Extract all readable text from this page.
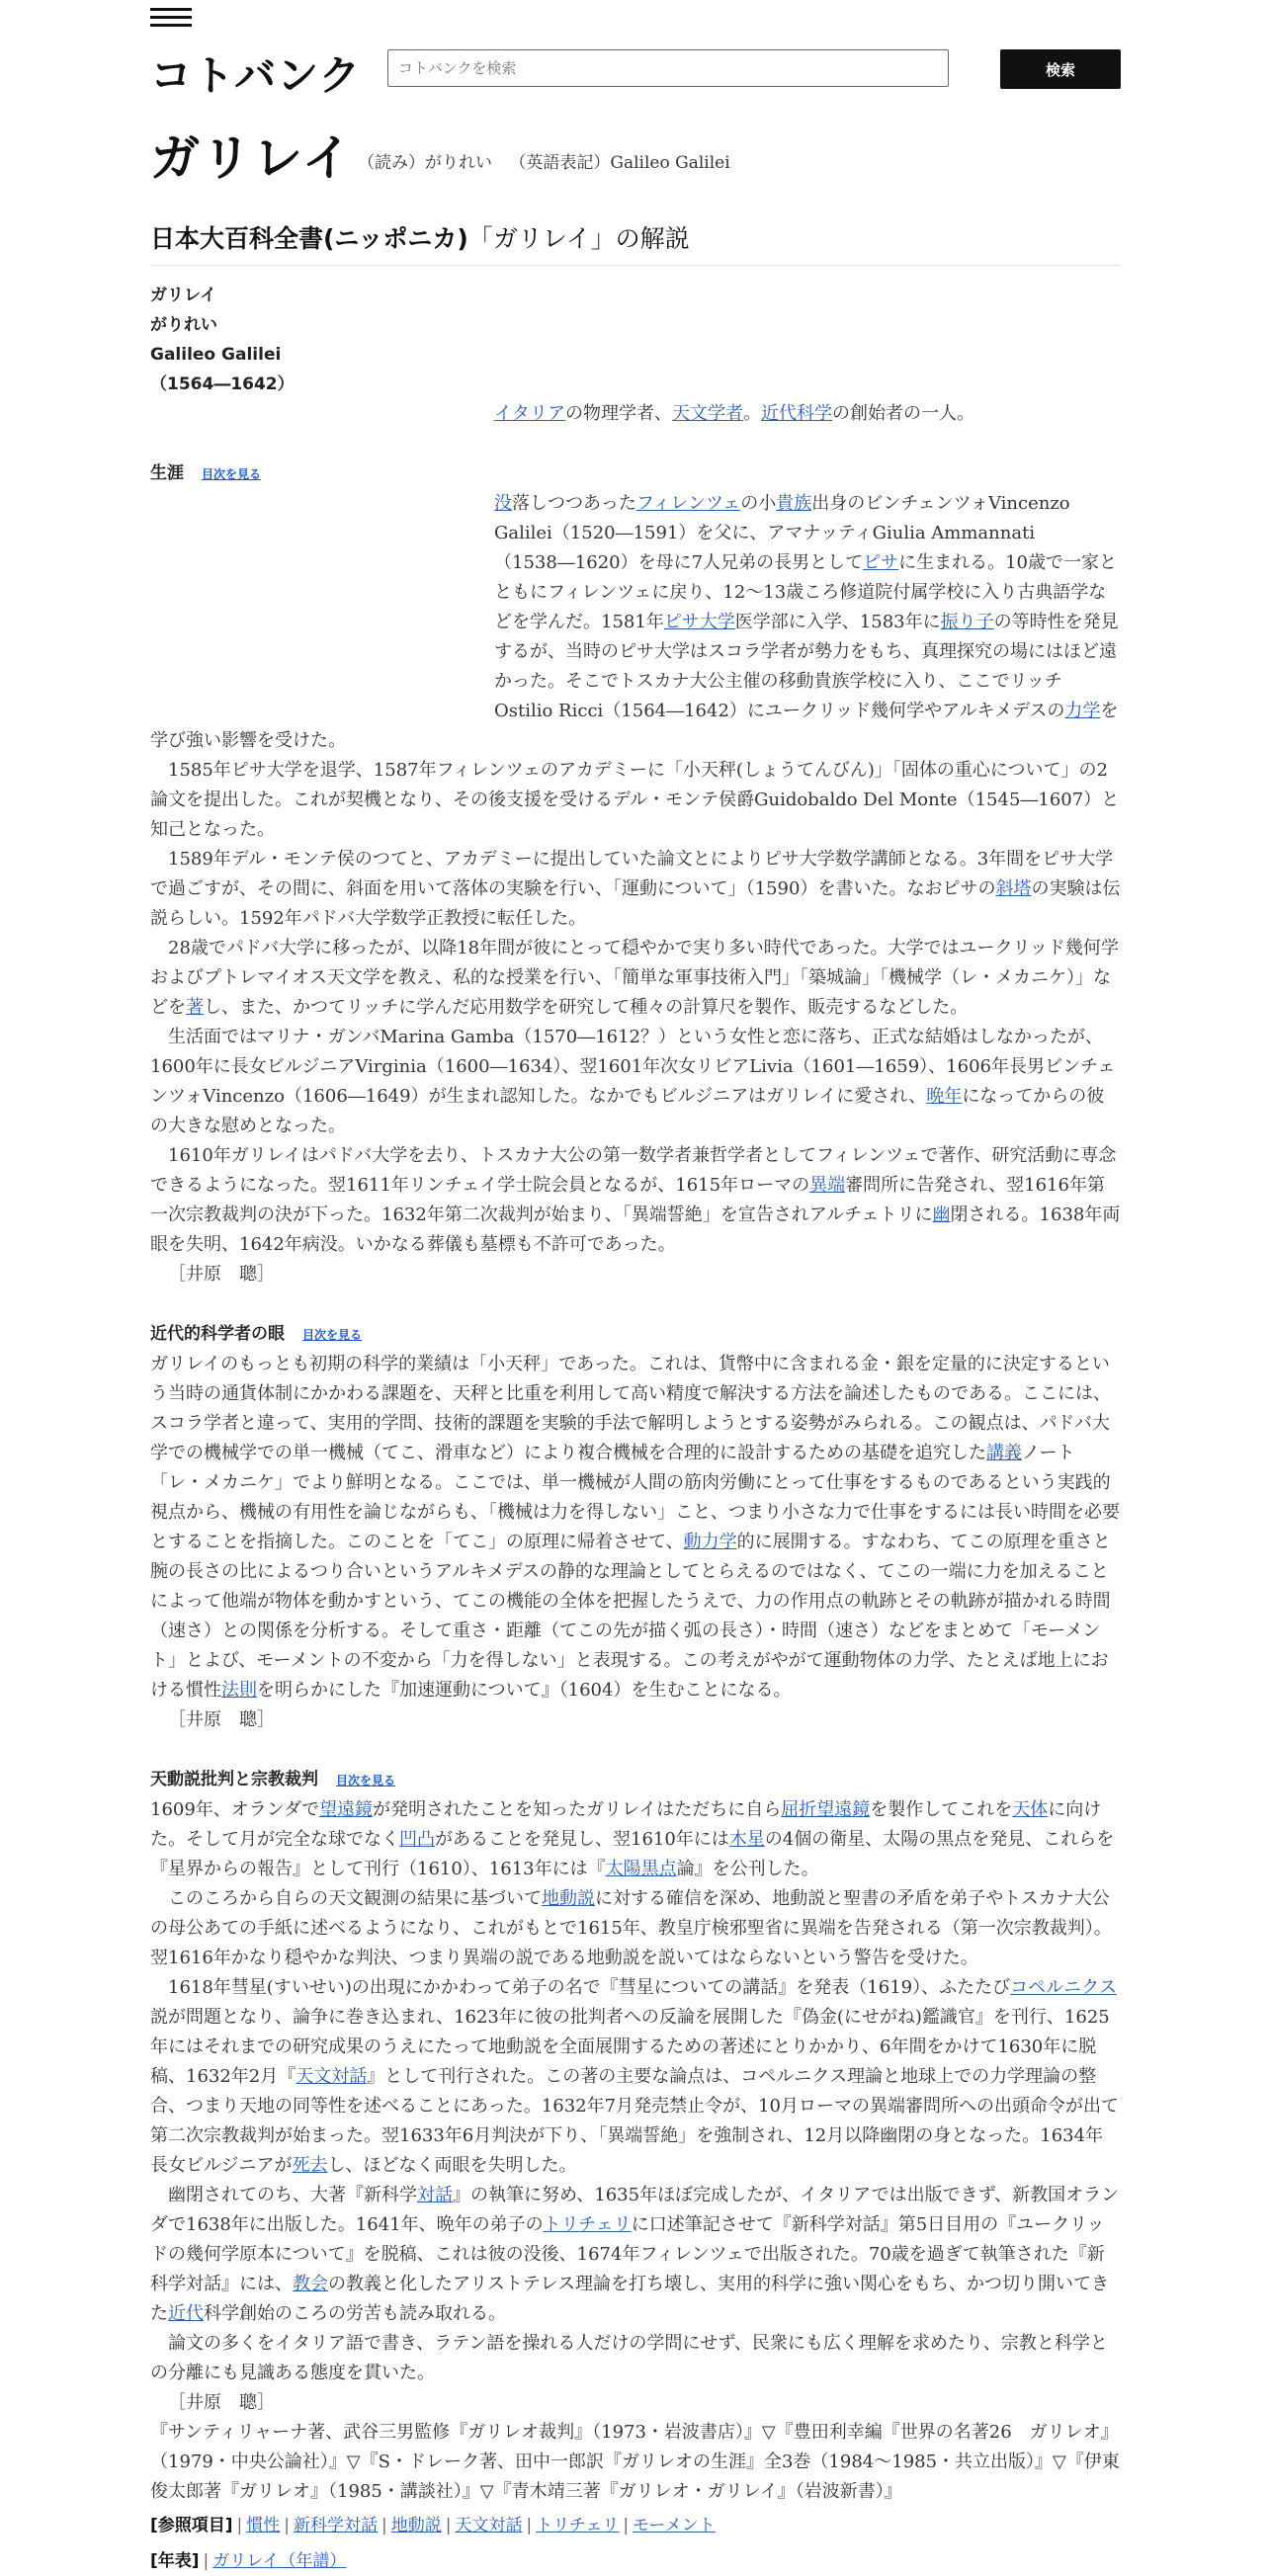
コトバンク
コトバンクを検索	検索
ガリレイ （読み）がりれい （英語表記）Galileo Galilei
日本大百科全書(ニッポニカ)「ガリレイ」の解説
ガリレイ
がりれい
Galileo Galilei
（1564―1642）

イタリアの物理学者、天文学者。近代科学の創始者の一人。

生涯 目次を見る

没落しつつあったフィレンツェの小貴族出身のビンチェンツォVincenzo Galilei（1520―1591）を父に、アマナッティGiulia Ammannati（1538―1620）を母に7人兄弟の長男としてピサに生まれる。10歳で一家とともにフィレンツェに戻り、12～13歳ころ修道院付属学校に入り古典語学などを学んだ。1581年ピサ大学医学部に入学、1583年に振り子の等時性を発見するが、当時のピサ大学はスコラ学者が勢力をもち、真理探究の場にはほど遠かった。そこでトスカナ大公主催の移動貴族学校に入り、ここでリッチOstilio Ricci（1564―1642）にユークリッド幾何学やアルキメデスの力学を学び強い影響を受けた。

1585年ピサ大学を退学、1587年フィレンツェのアカデミーに「小天秤(しょうてんびん)」「固体の重心について」の2論文を提出した。これが契機となり、その後支援を受けるデル・モンテ侯爵Guidobaldo Del Monte（1545―1607）と知己となった。

1589年デル・モンテ侯のつてと、アカデミーに提出していた論文とによりピサ大学数学講師となる。3年間をピサ大学で過ごすが、その間に、斜面を用いて落体の実験を行い、「運動について」（1590）を書いた。なおピサの斜塔の実験は伝説らしい。1592年パドバ大学数学正教授に転任した。

28歳でパドバ大学に移ったが、以降18年間が彼にとって穏やかで実り多い時代であった。大学ではユークリッド幾何学およびプトレマイオス天文学を教え、私的な授業を行い、「簡単な軍事技術入門」「築城論」「機械学（レ・メカニケ）」などを著し、また、かつてリッチに学んだ応用数学を研究して種々の計算尺を製作、販売するなどした。

生活面ではマリナ・ガンバMarina Gamba（1570―1612？）という女性と恋に落ち、正式な結婚はしなかったが、1600年に長女ビルジニアVirginia（1600―1634）、翌1601年次女リビアLivia（1601―1659）、1606年長男ビンチェンツォVincenzo（1606―1649）が生まれ認知した。なかでもビルジニアはガリレイに愛され、晩年になってからの彼の大きな慰めとなった。

1610年ガリレイはパドバ大学を去り、トスカナ大公の第一数学者兼哲学者としてフィレンツェで著作、研究活動に専念できるようになった。翌1611年リンチェイ学士院会員となるが、1615年ローマの異端審問所に告発され、翌1616年第一次宗教裁判の決が下った。1632年第二次裁判が始まり、「異端誓絶」を宣告されアルチェトリに幽閉される。1638年両眼を失明、1642年病没。いかなる葬儀も墓標も不許可であった。

［井原　聰］

近代的科学者の眼 目次を見る

ガリレイのもっとも初期の科学的業績は「小天秤」であった。これは、貨幣中に含まれる金・銀を定量的に決定するという当時の通貨体制にかかわる課題を、天秤と比重を利用して高い精度で解決する方法を論述したものである。ここには、スコラ学者と違って、実用的学問、技術的課題を実験的手法で解明しようとする姿勢がみられる。この観点は、パドバ大学での機械学での単一機械（てこ、滑車など）により複合機械を合理的に設計するための基礎を追究した講義ノート「レ・メカニケ」でより鮮明となる。ここでは、単一機械が人間の筋肉労働にとって仕事をするものであるという実践的視点から、機械の有用性を論じながらも、「機械は力を得しない」こと、つまり小さな力で仕事をするには長い時間を必要とすることを指摘した。このことを「てこ」の原理に帰着させて、動力学的に展開する。すなわち、てこの原理を重さと腕の長さの比によるつり合いというアルキメデスの静的な理論としてとらえるのではなく、てこの一端に力を加えることによって他端が物体を動かすという、てこの機能の全体を把握したうえで、力の作用点の軌跡とその軌跡が描かれる時間（速さ）との関係を分析する。そして重さ・距離（てこの先が描く弧の長さ）・時間（速さ）などをまとめて「モーメント」とよび、モーメントの不変から「力を得しない」と表現する。この考えがやがて運動物体の力学、たとえば地上における慣性法則を明らかにした『加速運動について』（1604）を生むことになる。

［井原　聰］

天動説批判と宗教裁判 目次を見る

1609年、オランダで望遠鏡が発明されたことを知ったガリレイはただちに自ら屈折望遠鏡を製作してこれを天体に向けた。そして月が完全な球でなく凹凸があることを発見し、翌1610年には木星の4個の衛星、太陽の黒点を発見、これらを『星界からの報告』として刊行（1610）、1613年には『太陽黒点論』を公刊した。

このころから自らの天文観測の結果に基づいて地動説に対する確信を深め、地動説と聖書の矛盾を弟子やトスカナ大公の母公あての手紙に述べるようになり、これがもとで1615年、教皇庁検邪聖省に異端を告発される（第一次宗教裁判）。翌1616年かなり穏やかな判決、つまり異端の説である地動説を説いてはならないという警告を受けた。

1618年彗星(すいせい)の出現にかかわって弟子の名で『彗星についての講話』を発表（1619）、ふたたびコペルニクス説が問題となり、論争に巻き込まれ、1623年に彼の批判者への反論を展開した『偽金(にせがね)鑑識官』を刊行、1625年にはそれまでの研究成果のうえにたって地動説を全面展開するための著述にとりかかり、6年間をかけて1630年に脱稿、1632年2月『天文対話』として刊行された。この著の主要な論点は、コペルニクス理論と地球上での力学理論の整合、つまり天地の同等性を述べることにあった。1632年7月発売禁止令が、10月ローマの異端審問所への出頭命令が出て第二次宗教裁判が始まった。翌1633年6月判決が下り、「異端誓絶」を強制され、12月以降幽閉の身となった。1634年長女ビルジニアが死去し、ほどなく両眼を失明した。

幽閉されてのち、大著『新科学対話』の執筆に努め、1635年ほぼ完成したが、イタリアでは出版できず、新教国オランダで1638年に出版した。1641年、晩年の弟子のトリチェリに口述筆記させて『新科学対話』第5日目用の『ユークリッドの幾何学原本について』を脱稿、これは彼の没後、1674年フィレンツェで出版された。70歳を過ぎて執筆された『新科学対話』には、教会の教義と化したアリストテレス理論を打ち壊し、実用的科学に強い関心をもち、かつ切り開いてきた近代科学創始のころの労苦も読み取れる。

論文の多くをイタリア語で書き、ラテン語を操れる人だけの学問にせず、民衆にも広く理解を求めたり、宗教と科学との分離にも見識ある態度を貫いた。

［井原　聰］

『サンティリャーナ著、武谷三男監修『ガリレオ裁判』（1973・岩波書店）』▽『豊田利幸編『世界の名著26　ガリレオ』（1979・中央公論社）』▽『S・ドレーク著、田中一郎訳『ガリレオの生涯』全3巻（1984～1985・共立出版）』▽『伊東俊太郎著『ガリレオ』（1985・講談社）』▽『青木靖三著『ガリレオ・ガリレイ』（岩波新書）』

[参照項目] | 慣性 | 新科学対話 | 地動説 | 天文対話 | トリチェリ | モーメント

[年表] | ガリレイ（年譜）
